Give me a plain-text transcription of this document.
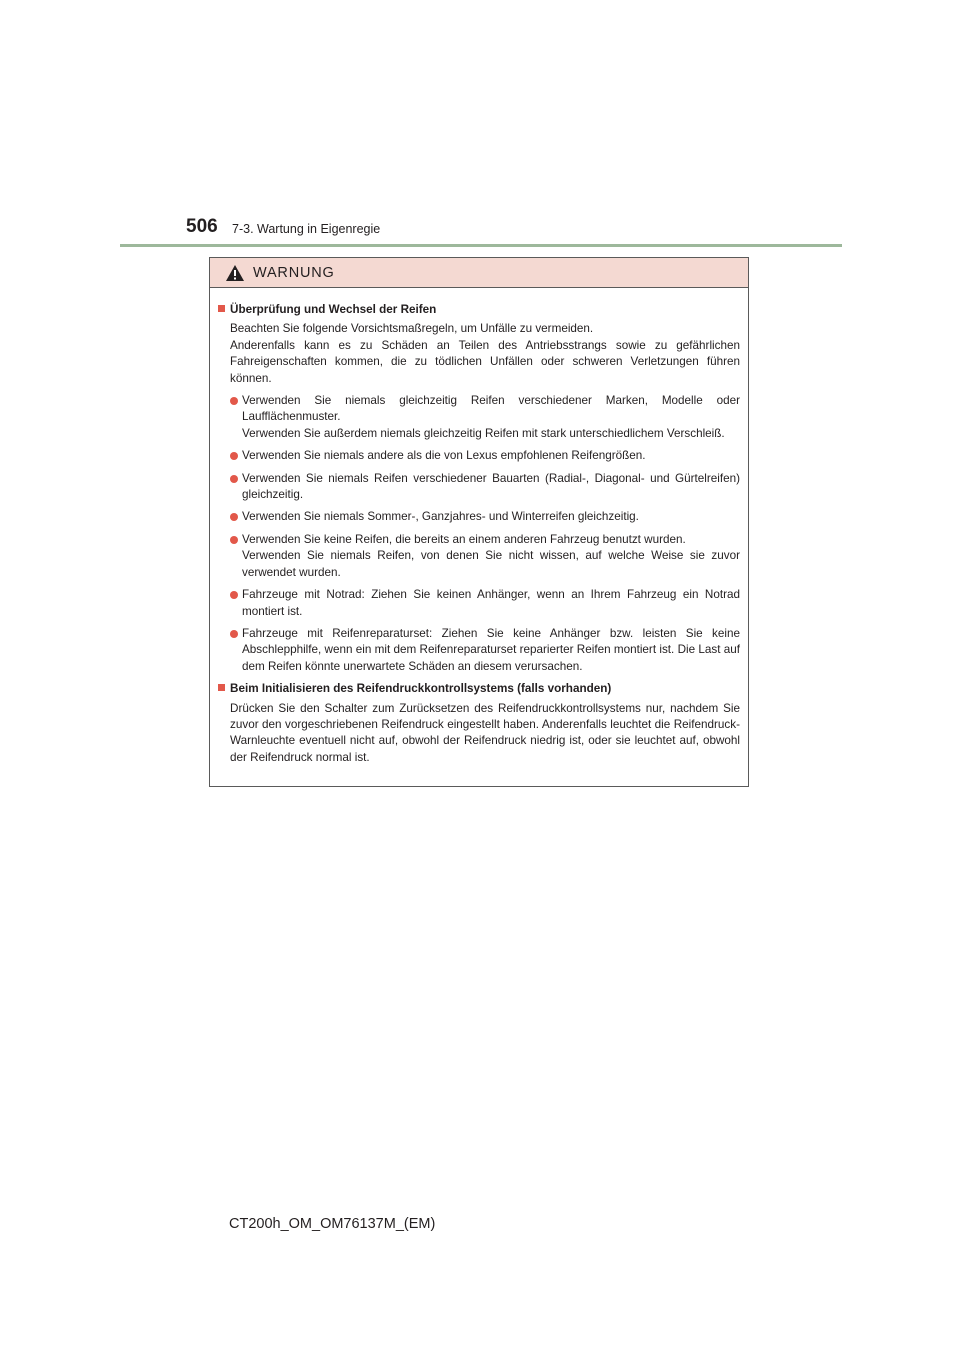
506 7-3. Wartung in Eigenregie
WARNUNG
Überprüfung und Wechsel der Reifen
Beachten Sie folgende Vorsichtsmaßregeln, um Unfälle zu vermeiden.
Anderenfalls kann es zu Schäden an Teilen des Antriebsstrangs sowie zu gefährlichen Fahreigenschaften kommen, die zu tödlichen Unfällen oder schweren Verletzungen führen können.
Verwenden Sie niemals gleichzeitig Reifen verschiedener Marken, Modelle oder Laufflächenmuster.
Verwenden Sie außerdem niemals gleichzeitig Reifen mit stark unterschiedlichem Verschleiß.
Verwenden Sie niemals andere als die von Lexus empfohlenen Reifengrößen.
Verwenden Sie niemals Reifen verschiedener Bauarten (Radial-, Diagonal- und Gürtelreifen) gleichzeitig.
Verwenden Sie niemals Sommer-, Ganzjahres- und Winterreifen gleichzeitig.
Verwenden Sie keine Reifen, die bereits an einem anderen Fahrzeug benutzt wurden.
Verwenden Sie niemals Reifen, von denen Sie nicht wissen, auf welche Weise sie zuvor verwendet wurden.
Fahrzeuge mit Notrad: Ziehen Sie keinen Anhänger, wenn an Ihrem Fahrzeug ein Notrad montiert ist.
Fahrzeuge mit Reifenreparaturset: Ziehen Sie keine Anhänger bzw. leisten Sie keine Abschlepphilfe, wenn ein mit dem Reifenreparaturset reparierter Reifen montiert ist. Die Last auf dem Reifen könnte unerwartete Schäden an diesem verursachen.
Beim Initialisieren des Reifendruckkontrollsystems (falls vorhanden)
Drücken Sie den Schalter zum Zurücksetzen des Reifendruckkontrollsystems nur, nachdem Sie zuvor den vorgeschriebenen Reifendruck eingestellt haben. Anderenfalls leuchtet die Reifendruck-Warnleuchte eventuell nicht auf, obwohl der Reifendruck niedrig ist, oder sie leuchtet auf, obwohl der Reifendruck normal ist.
CT200h_OM_OM76137M_(EM)
